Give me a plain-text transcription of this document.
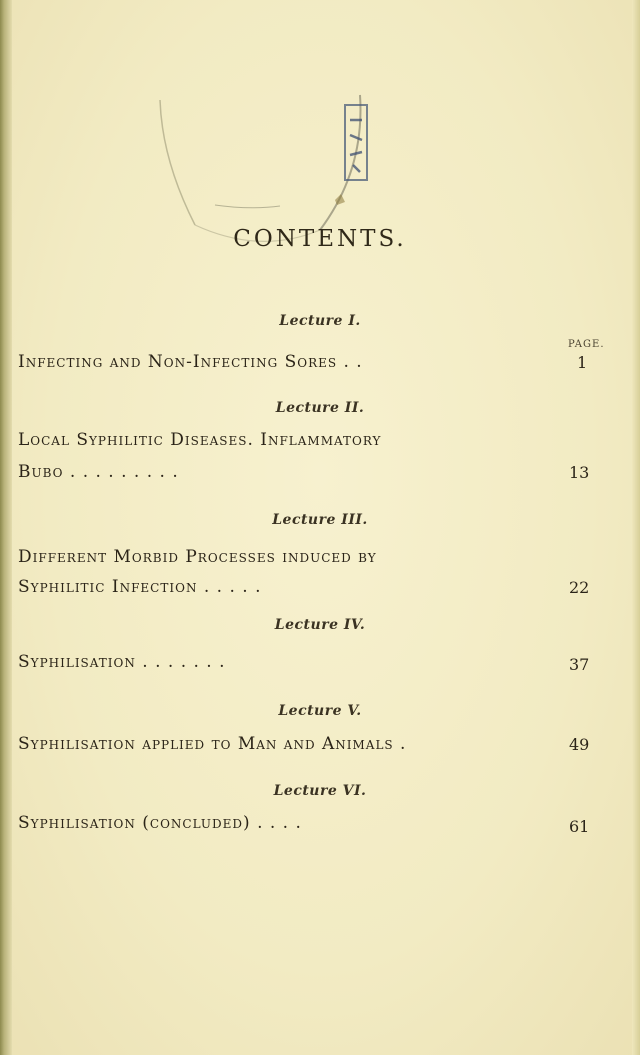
CONTENTS.
PAGE.
Lecture I.
Infecting and Non-Infecting Sores . .	1
Lecture II.
Local Syphilitic Diseases. Inflammatory
Bubo . . . . . . . . .	13
Lecture III.
Different Morbid Processes induced by
Syphilitic Infection . . . . .	22
Lecture IV.
Syphilisation . . . . . . .	37
Lecture V.
Syphilisation applied to Man and Animals .	49
Lecture VI.
Syphilisation (concluded) . . . .	61
